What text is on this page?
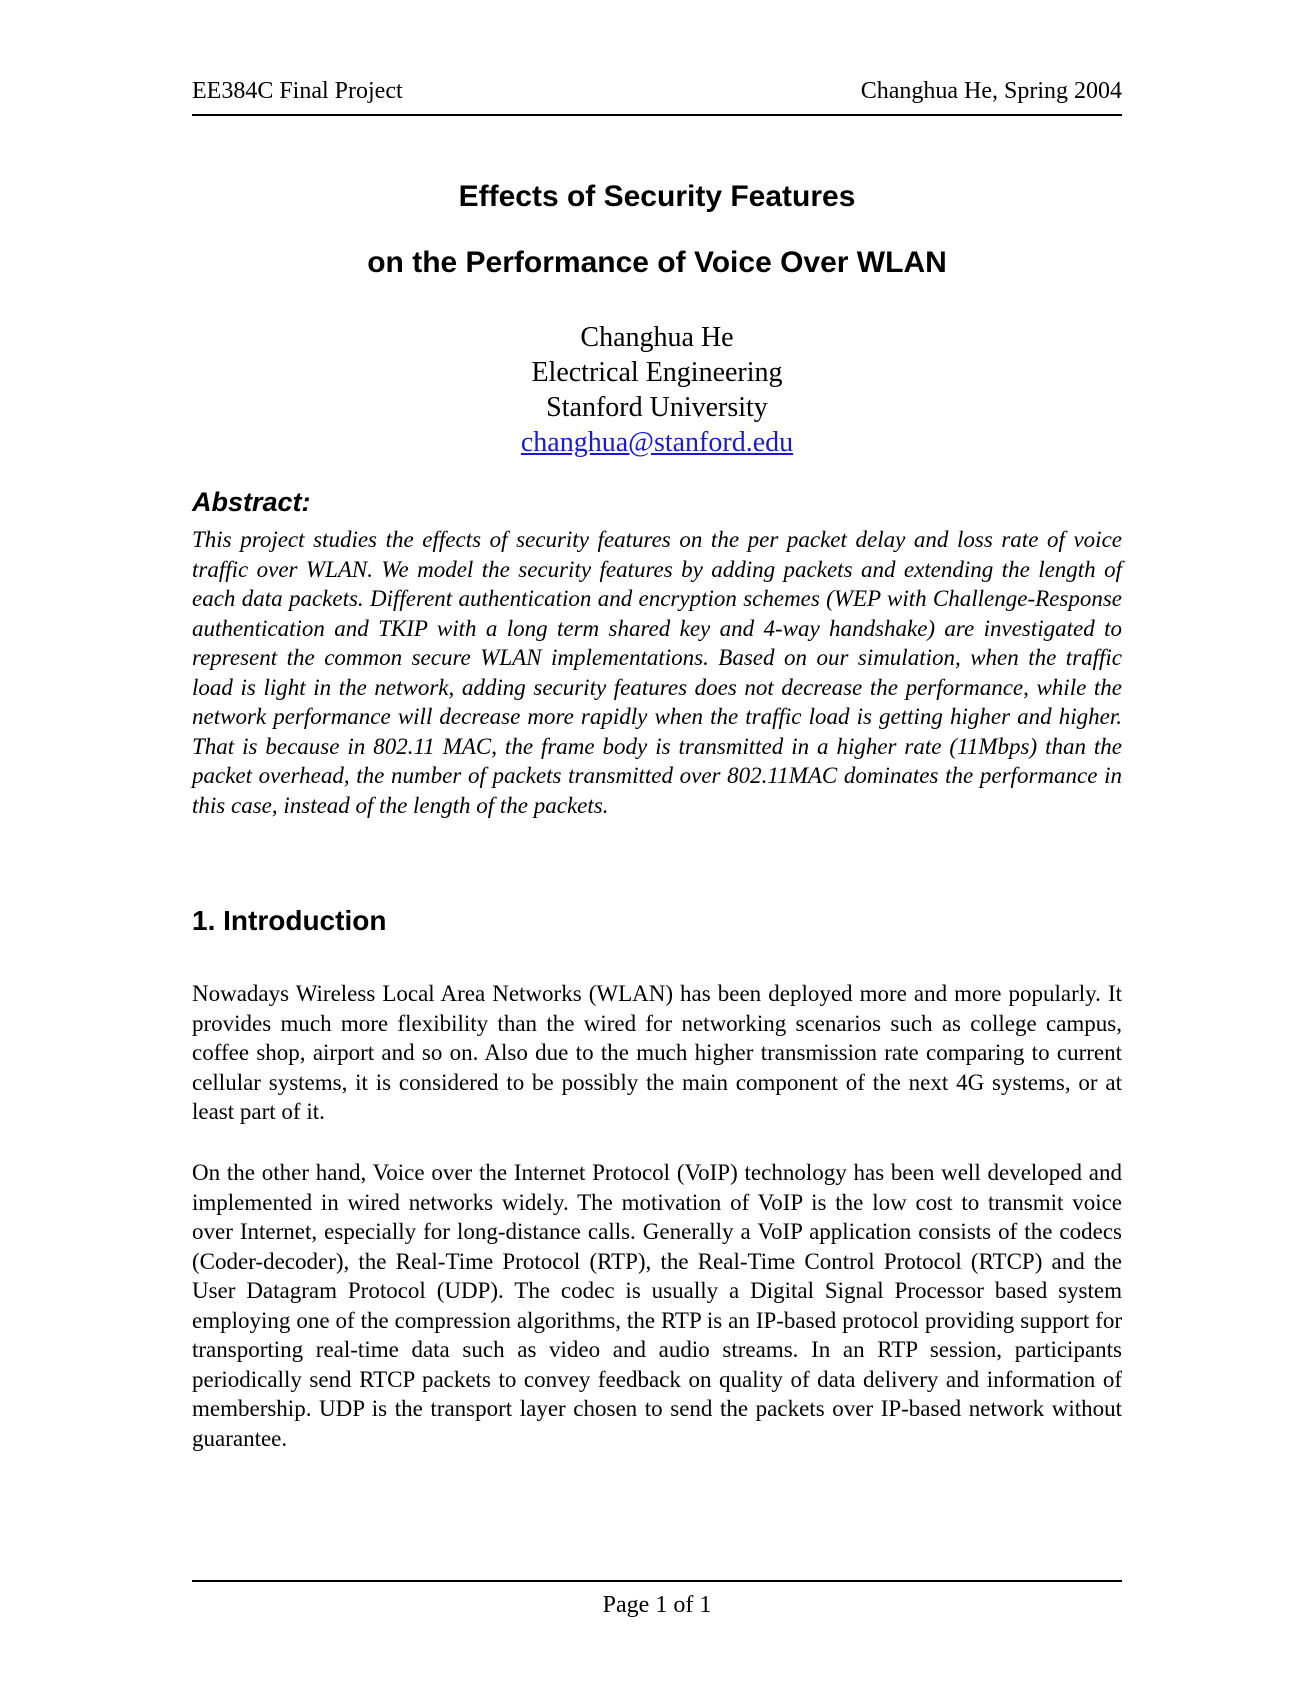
EE384C Final Project	Changhua He, Spring 2004
Effects of Security Features
on the Performance of Voice Over WLAN
Changhua He
Electrical Engineering
Stanford University
changhua@stanford.edu
Abstract:
This project studies the effects of security features on the per packet delay and loss rate of voice traffic over WLAN. We model the security features by adding packets and extending the length of each data packets. Different authentication and encryption schemes (WEP with Challenge-Response authentication and TKIP with a long term shared key and 4-way handshake) are investigated to represent the common secure WLAN implementations. Based on our simulation, when the traffic load is light in the network, adding security features does not decrease the performance, while the network performance will decrease more rapidly when the traffic load is getting higher and higher. That is because in 802.11 MAC, the frame body is transmitted in a higher rate (11Mbps) than the packet overhead, the number of packets transmitted over 802.11MAC dominates the performance in this case, instead of the length of the packets.
1. Introduction
Nowadays Wireless Local Area Networks (WLAN) has been deployed more and more popularly. It provides much more flexibility than the wired for networking scenarios such as college campus, coffee shop, airport and so on. Also due to the much higher transmission rate comparing to current cellular systems, it is considered to be possibly the main component of the next 4G systems, or at least part of it.
On the other hand, Voice over the Internet Protocol (VoIP) technology has been well developed and implemented in wired networks widely. The motivation of VoIP is the low cost to transmit voice over Internet, especially for long-distance calls. Generally a VoIP application consists of the codecs (Coder-decoder), the Real-Time Protocol (RTP), the Real-Time Control Protocol (RTCP) and the User Datagram Protocol (UDP). The codec is usually a Digital Signal Processor based system employing one of the compression algorithms, the RTP is an IP-based protocol providing support for transporting real-time data such as video and audio streams. In an RTP session, participants periodically send RTCP packets to convey feedback on quality of data delivery and information of membership. UDP is the transport layer chosen to send the packets over IP-based network without guarantee.
Page 1 of 1
